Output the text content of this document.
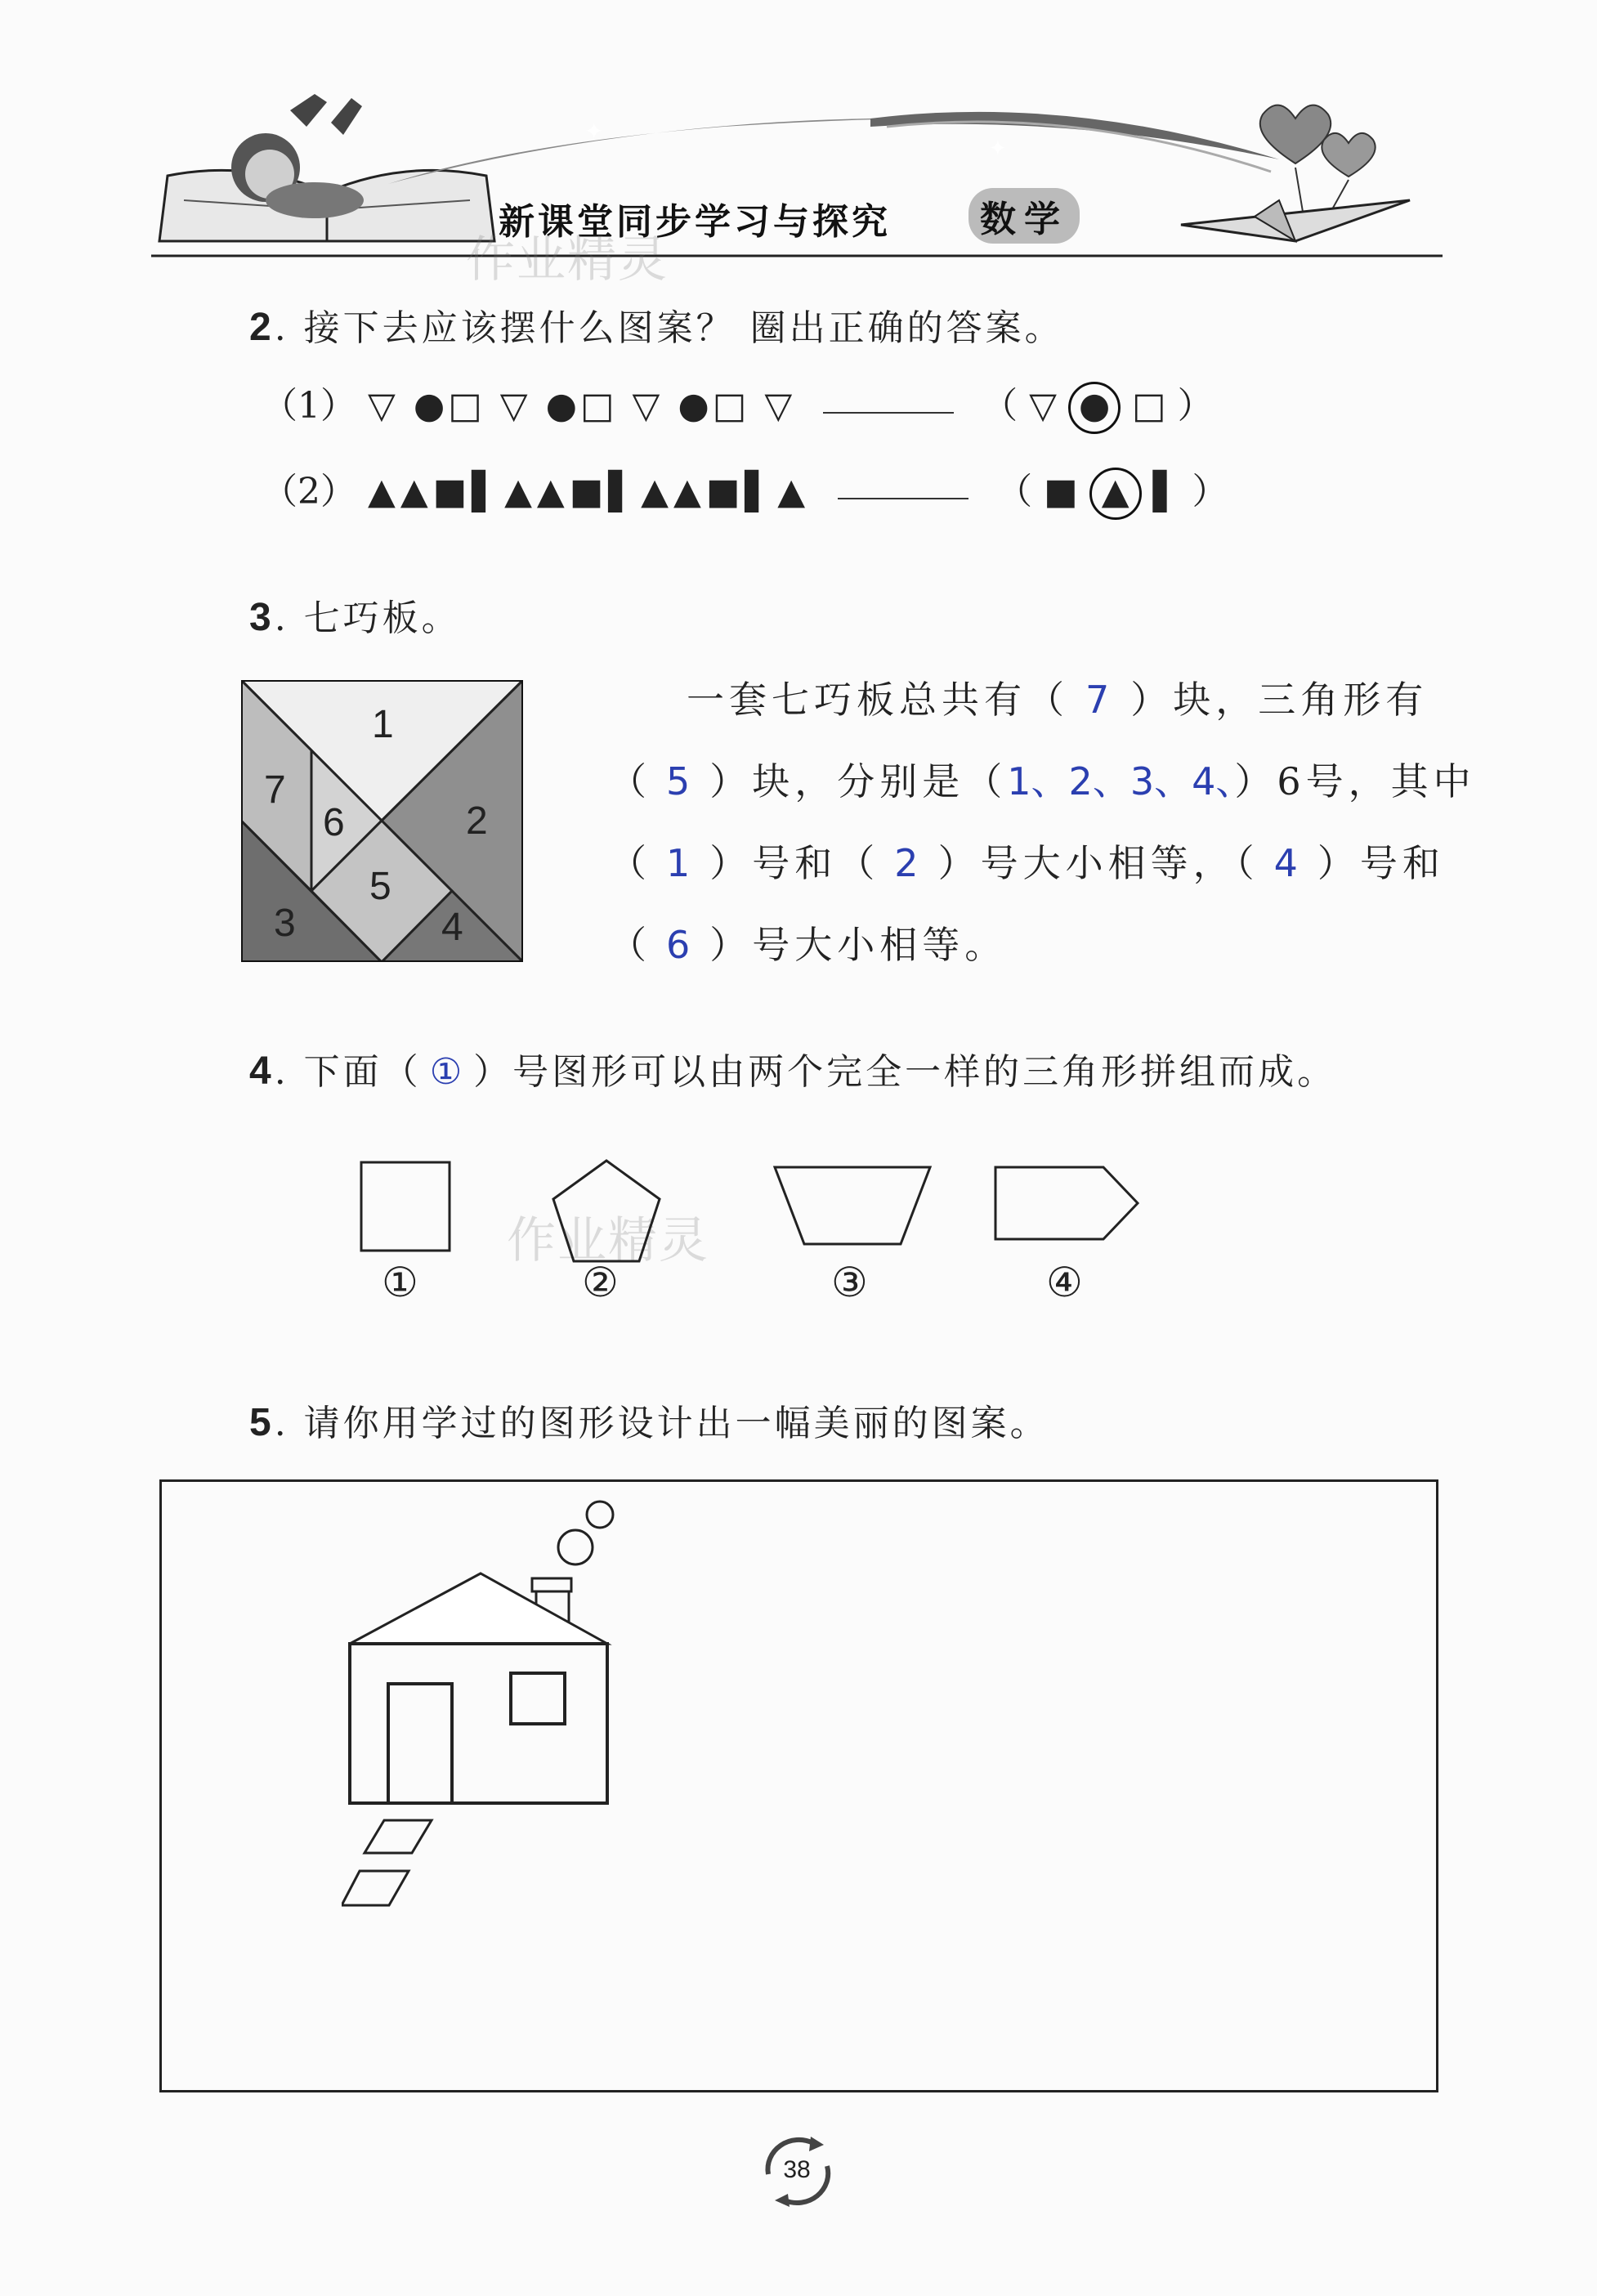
✦
✦
新课堂同步学习与探究	数学
作业精灵
作业精灵
2. 接下去应该摆什么图案？ 圈出正确的答案。
（1） ▽ ●□ ▽ ●□ ▽ ●□ ▽	（ ▽ ● □ ）
（2） ▲▲■▌▲▲■▌▲▲■▌▲	（ ■ ▲ ▌ ）
3. 七巧板。
1
2
3	4
5
6
7
一套七巧板总共有（ 7 ）块，三角形有
（ 5 ）块，分别是（1、2、3、4、）6号，其中
（ 1 ）号和（ 2 ）号大小相等，（ 4 ）号和
（ 6 ）号大小相等。
4. 下面（ ① ）号图形可以由两个完全一样的三角形拼组而成。
①	②	③	④
5. 请你用学过的图形设计出一幅美丽的图案。
38
